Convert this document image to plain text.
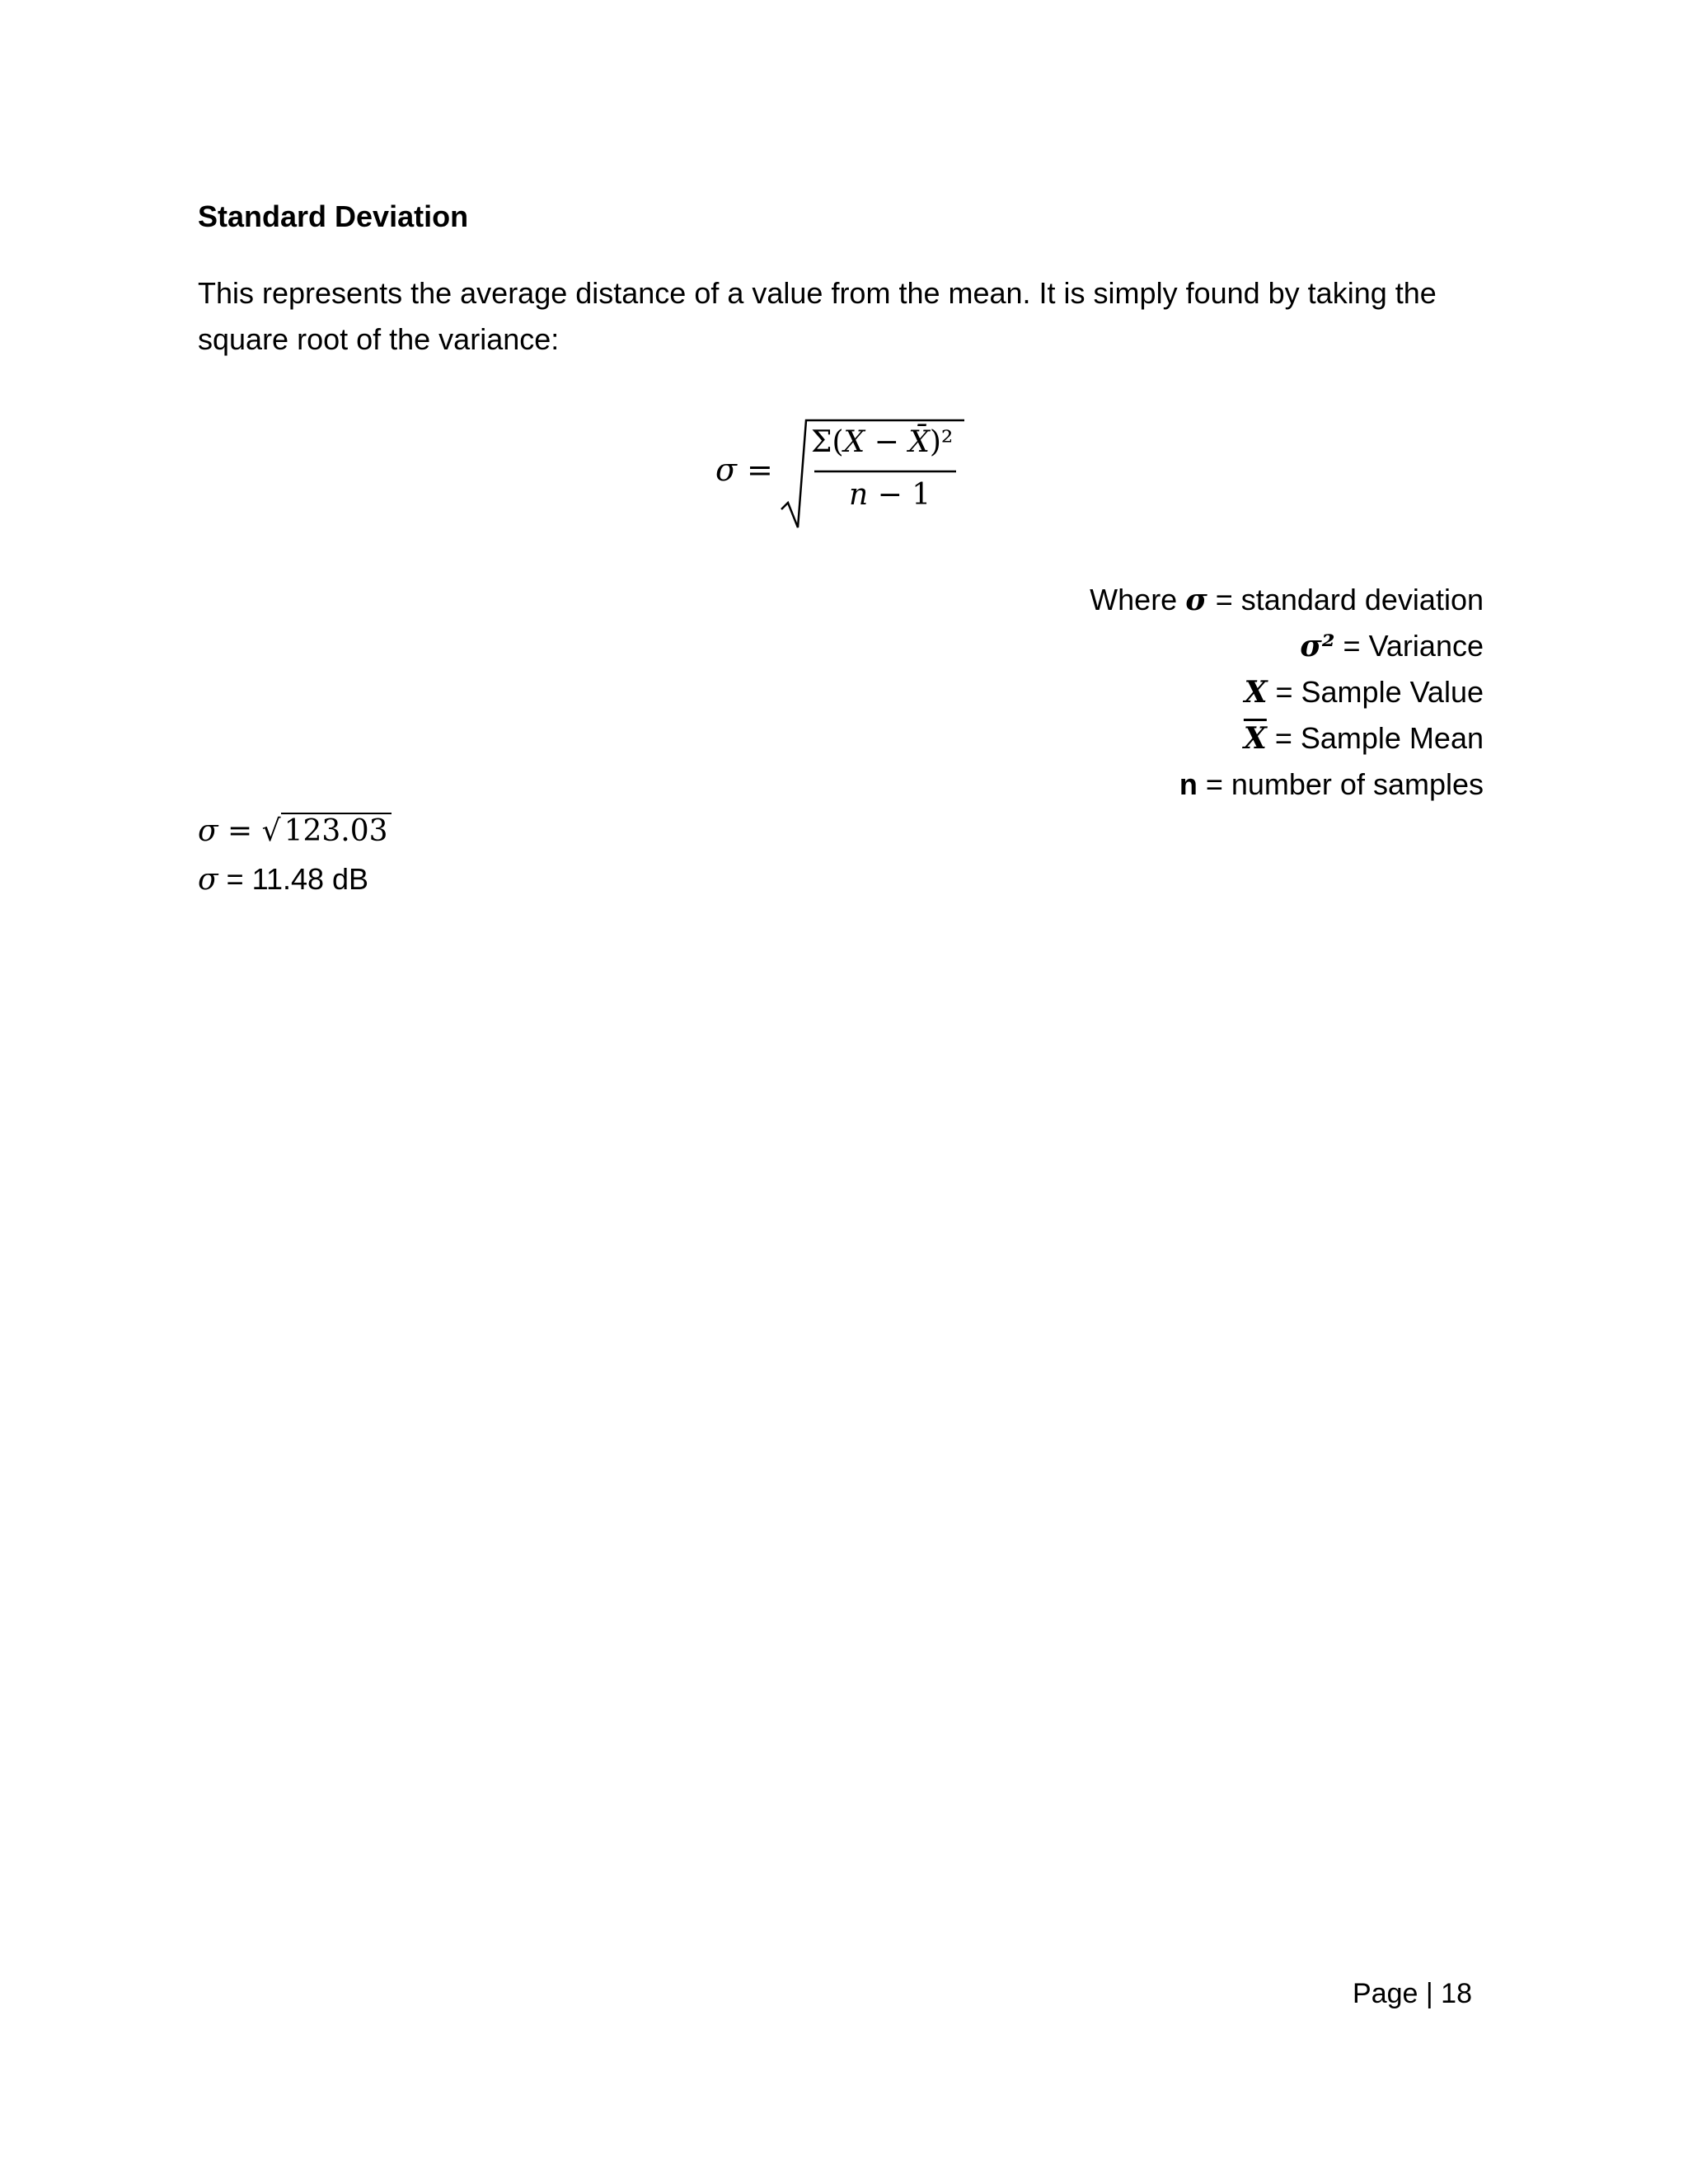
Standard Deviation
This represents the average distance of a value from the mean. It is simply found by taking the
square root of the variance:
σ =
Σ(X − X̄)²
n − 1
Where σ = standard deviation
σ² = Variance
X = Sample Value
$\overline{X}$ = Sample Mean
n = number of samples
σ = √ 123.03
σ = 11.48 dB
Page | 18
